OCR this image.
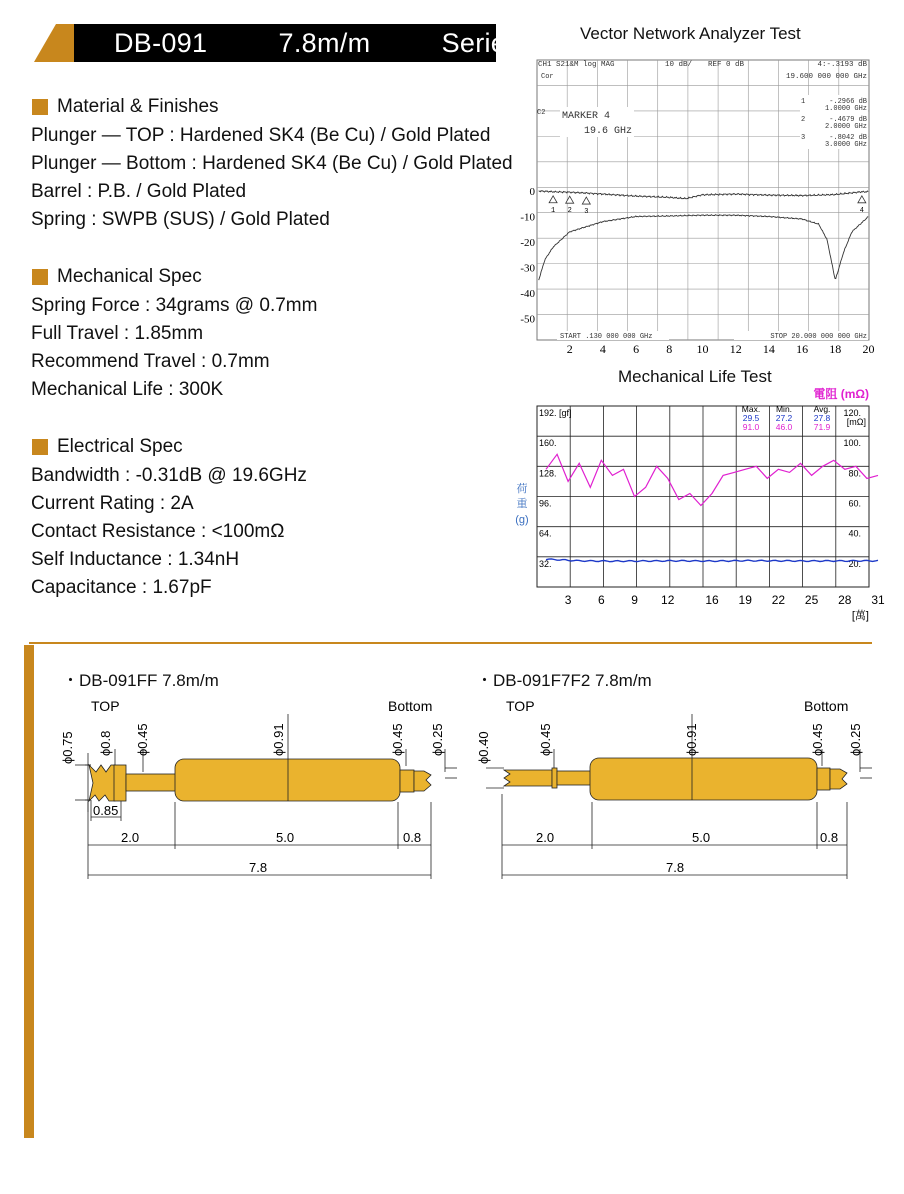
DB-091    7.8m/m    Series
Material & Finishes
Plunger — TOP : Hardened SK4 (Be Cu) / Gold Plated
Plunger — Bottom : Hardened SK4 (Be Cu) / Gold Plated
Barrel : P.B. / Gold Plated
Spring : SWPB (SUS) / Gold Plated
Mechanical Spec
Spring Force : 34grams @ 0.7mm
Full Travel : 1.85mm
Recommend Travel : 0.7mm
Mechanical Life : 300K
Electrical Spec
Bandwidth : -0.31dB @ 19.6GHz
Current Rating : 2A
Contact Resistance : <100mΩ
Self Inductance : 1.34nH
Capacitance : 1.67pF
Vector Network Analyzer Test
CH1 S21&M log MAG	10 dB/ REF 0 dB	4:-.3193 dB
Cor	19.600 000 000 GHz
C2 MARKER 4
19.6 GHz
1	-.2966 dB
1.0000 GHz
2	-.4679 dB
2.0000 GHz
3	-.8042 dB
3.0000 GHz
0
-10
-20
-30
-40
-50
2 4 6 8 10 12 14 16 18 20
1 2 3	4
START .130 000 000 GHz	STOP 20.000 000 000 GHz
Mechanical Life Test
電阻 (mΩ)
192. [gf]
160.
128.
96.
64.
32.
120.
[mΩ]
100.
80.
60.
40.
20.
荷
重
(g)
Max.
29.5
91.0
Min.
27.2
46.0
Avg.
27.8
71.9
3 6 9 12	16 19 22 25 28 31
[萬]
・DB-091FF 7.8m/m	・DB-091F7F2 7.8m/m
TOP	Bottom
ϕ0.75 ϕ0.8 ϕ0.45	ϕ0.91	ϕ0.45 ϕ0.25
0.85
2.0	5.0	0.8
7.8
TOP	Bottom
ϕ0.40	ϕ0.45	ϕ0.91	ϕ0.45 ϕ0.25
2.0	5.0	0.8
7.8
